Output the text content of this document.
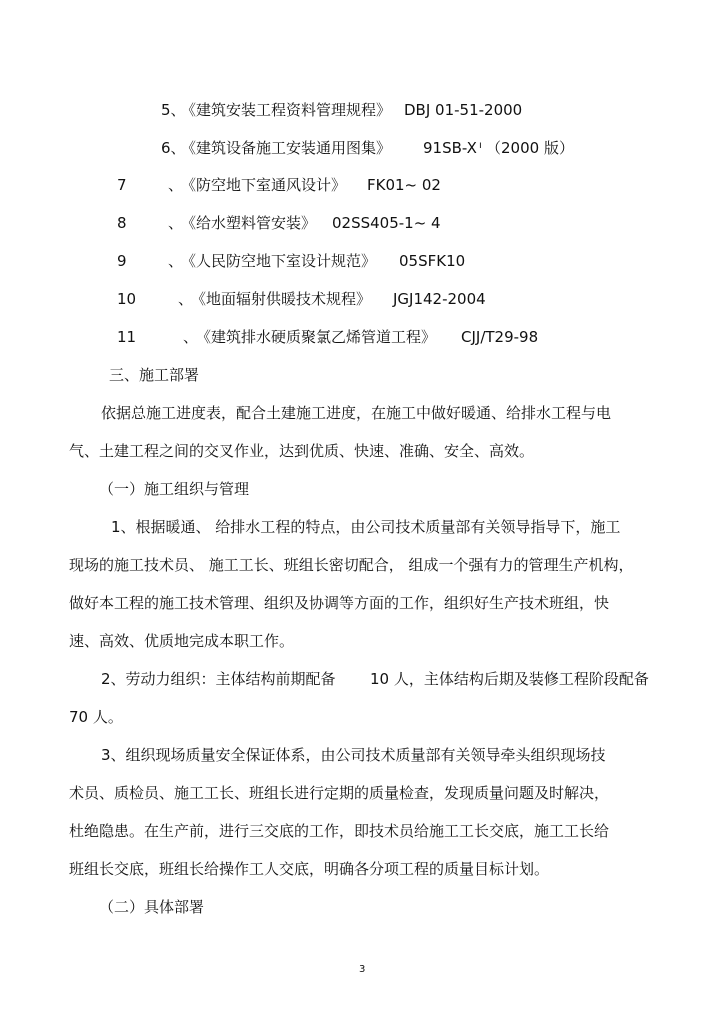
5、
《建筑安装工程资料管理规程》 DBJ 01-51-2000
6、
《建筑设备施工安装通用图集》 91SB-X ı （2000 版）
7	、
《防空地下室通风设计》 FK01~ 02
8	、
《给水塑料管安装》 02SS405-1~ 4
9	、
《人民防空地下室设计规范》 05SFK10
10	、
《地面辐射供暖技术规程》 JGJ142-2004
11	、
《建筑排水硬质聚氯乙烯管道工程》 CJJ/T29-98
三、施工部署
依据总施工进度表，配合土建施工进度，在施工中做好暖通、给排水工程与电
气、土建工程之间的交叉作业，达到优质、快速、准确、安全、高效。
（一）施工组织与管理
1、根据暖通、 给排水工程的特点，由公司技术质量部有关领导指导下，施工
现场的施工技术员、 施工工长、班组长密切配合， 组成一个强有力的管理生产机构，
做好本工程的施工技术管理、组织及协调等方面的工作，组织好生产技术班组，快
速、高效、优质地完成本职工作。
2、劳动力组织：主体结构前期配备 10 人，主体结构后期及装修工程阶段配备
70 人。
3、组织现场质量安全保证体系，由公司技术质量部有关领导牵头组织现场技
术员、质检员、施工工长、班组长进行定期的质量检查，发现质量问题及时解决，
杜绝隐患。在生产前，进行三交底的工作，即技术员给施工工长交底，施工工长给
班组长交底，班组长给操作工人交底，明确各分项工程的质量目标计划。
（二）具体部署
3
